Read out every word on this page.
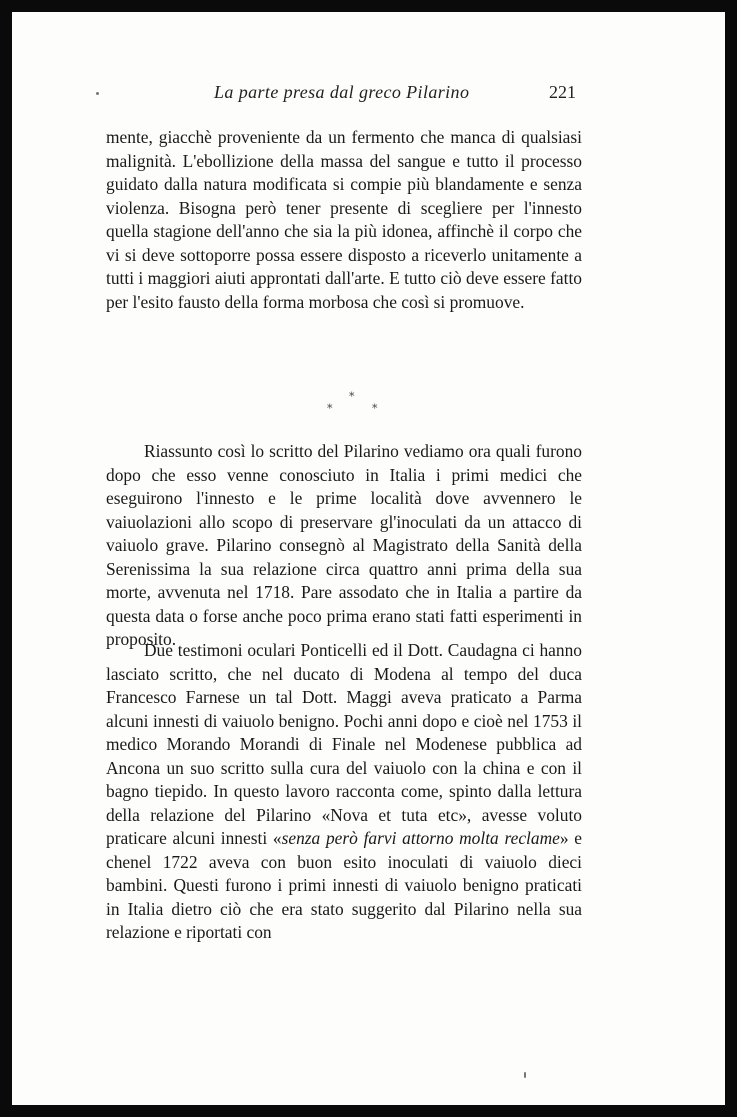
La parte presa dal greco Pilarino	221

mente, giacchè proveniente da un fermento che manca di qualsiasi malignità. L'ebollizione della massa del sangue e tutto il processo guidato dalla natura modificata si compie più blandamente e senza violenza. Bisogna però tener presente di scegliere per l'innesto quella stagione dell'anno che sia la più idonea, affinchè il corpo che vi si deve sottoporre possa essere disposto a riceverlo unitamente a tutti i maggiori aiuti approntati dall'arte. E tutto ciò deve essere fatto per l'esito fausto della forma morbosa che così si promuove.

*
*	*

Riassunto così lo scritto del Pilarino vediamo ora quali furono dopo che esso venne conosciuto in Italia i primi medici che eseguirono l'innesto e le prime località dove avvennero le vaiuolazioni allo scopo di preservare gl'inoculati da un attacco di vaiuolo grave. Pilarino consegnò al Magistrato della Sanità della Serenissima la sua relazione circa quattro anni prima della sua morte, avvenuta nel 1718. Pare assodato che in Italia a partire da questa data o forse anche poco prima erano stati fatti esperimenti in proposito.

Due testimoni oculari Ponticelli ed il Dott. Caudagna ci hanno lasciato scritto, che nel ducato di Modena al tempo del duca Francesco Farnese un tal Dott. Maggi aveva praticato a Parma alcuni innesti di vaiuolo benigno. Pochi anni dopo e cioè nel 1753 il medico Morando Morandi di Finale nel Modenese pubblica ad Ancona un suo scritto sulla cura del vaiuolo con la china e con il bagno tiepido. In questo lavoro racconta come, spinto dalla lettura della relazione del Pilarino «Nova et tuta etc», avesse voluto praticare alcuni innesti «senza però farvi attorno molta reclame» e chenel 1722 aveva con buon esito inoculati di vaiuolo dieci bambini. Questi furono i primi innesti di vaiuolo benigno praticati in Italia dietro ciò che era stato suggerito dal Pilarino nella sua relazione e riportati con
